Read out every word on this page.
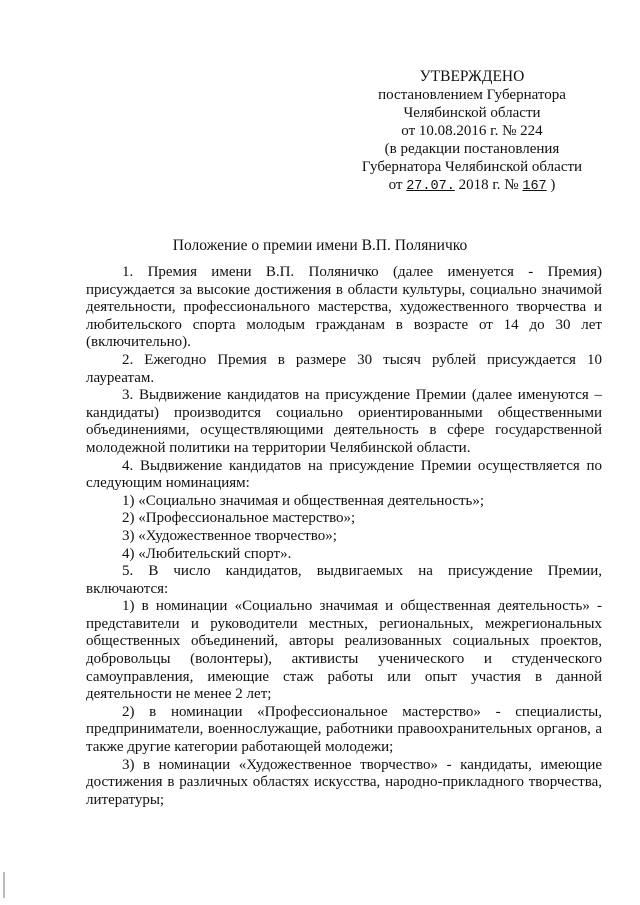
УТВЕРЖДЕНО
постановлением Губернатора
Челябинской области
от 10.08.2016 г. № 224
(в редакции постановления
Губернатора Челябинской области
от 27.07. 2018 г. № 167 )
Положение о премии имени В.П. Поляничко

1. Премия имени В.П. Поляничко (далее именуется - Премия) присуждается за высокие достижения в области культуры, социально значимой деятельности, профессионального мастерства, художественного творчества и любительского спорта молодым гражданам в возрасте от 14 до 30 лет (включительно).

2. Ежегодно Премия в размере 30 тысяч рублей присуждается 10 лауреатам.

3. Выдвижение кандидатов на присуждение Премии (далее именуются – кандидаты) производится социально ориентированными общественными объединениями, осуществляющими деятельность в сфере государственной молодежной политики на территории Челябинской области.

4. Выдвижение кандидатов на присуждение Премии осуществляется по следующим номинациям:

1) «Социально значимая и общественная деятельность»;

2) «Профессиональное мастерство»;

3) «Художественное творчество»;

4) «Любительский спорт».

5. В число кандидатов, выдвигаемых на присуждение Премии, включаются:

1) в номинации «Социально значимая и общественная деятельность» - представители и руководители местных, региональных, межрегиональных общественных объединений, авторы реализованных социальных проектов, добровольцы (волонтеры), активисты ученического и студенческого самоуправления, имеющие стаж работы или опыт участия в данной деятельности не менее 2 лет;

2) в номинации «Профессиональное мастерство» - специалисты, предприниматели, военнослужащие, работники правоохранительных органов, а также другие категории работающей молодежи;

3) в номинации «Художественное творчество» - кандидаты, имеющие достижения в различных областях искусства, народно-прикладного творчества, литературы;
